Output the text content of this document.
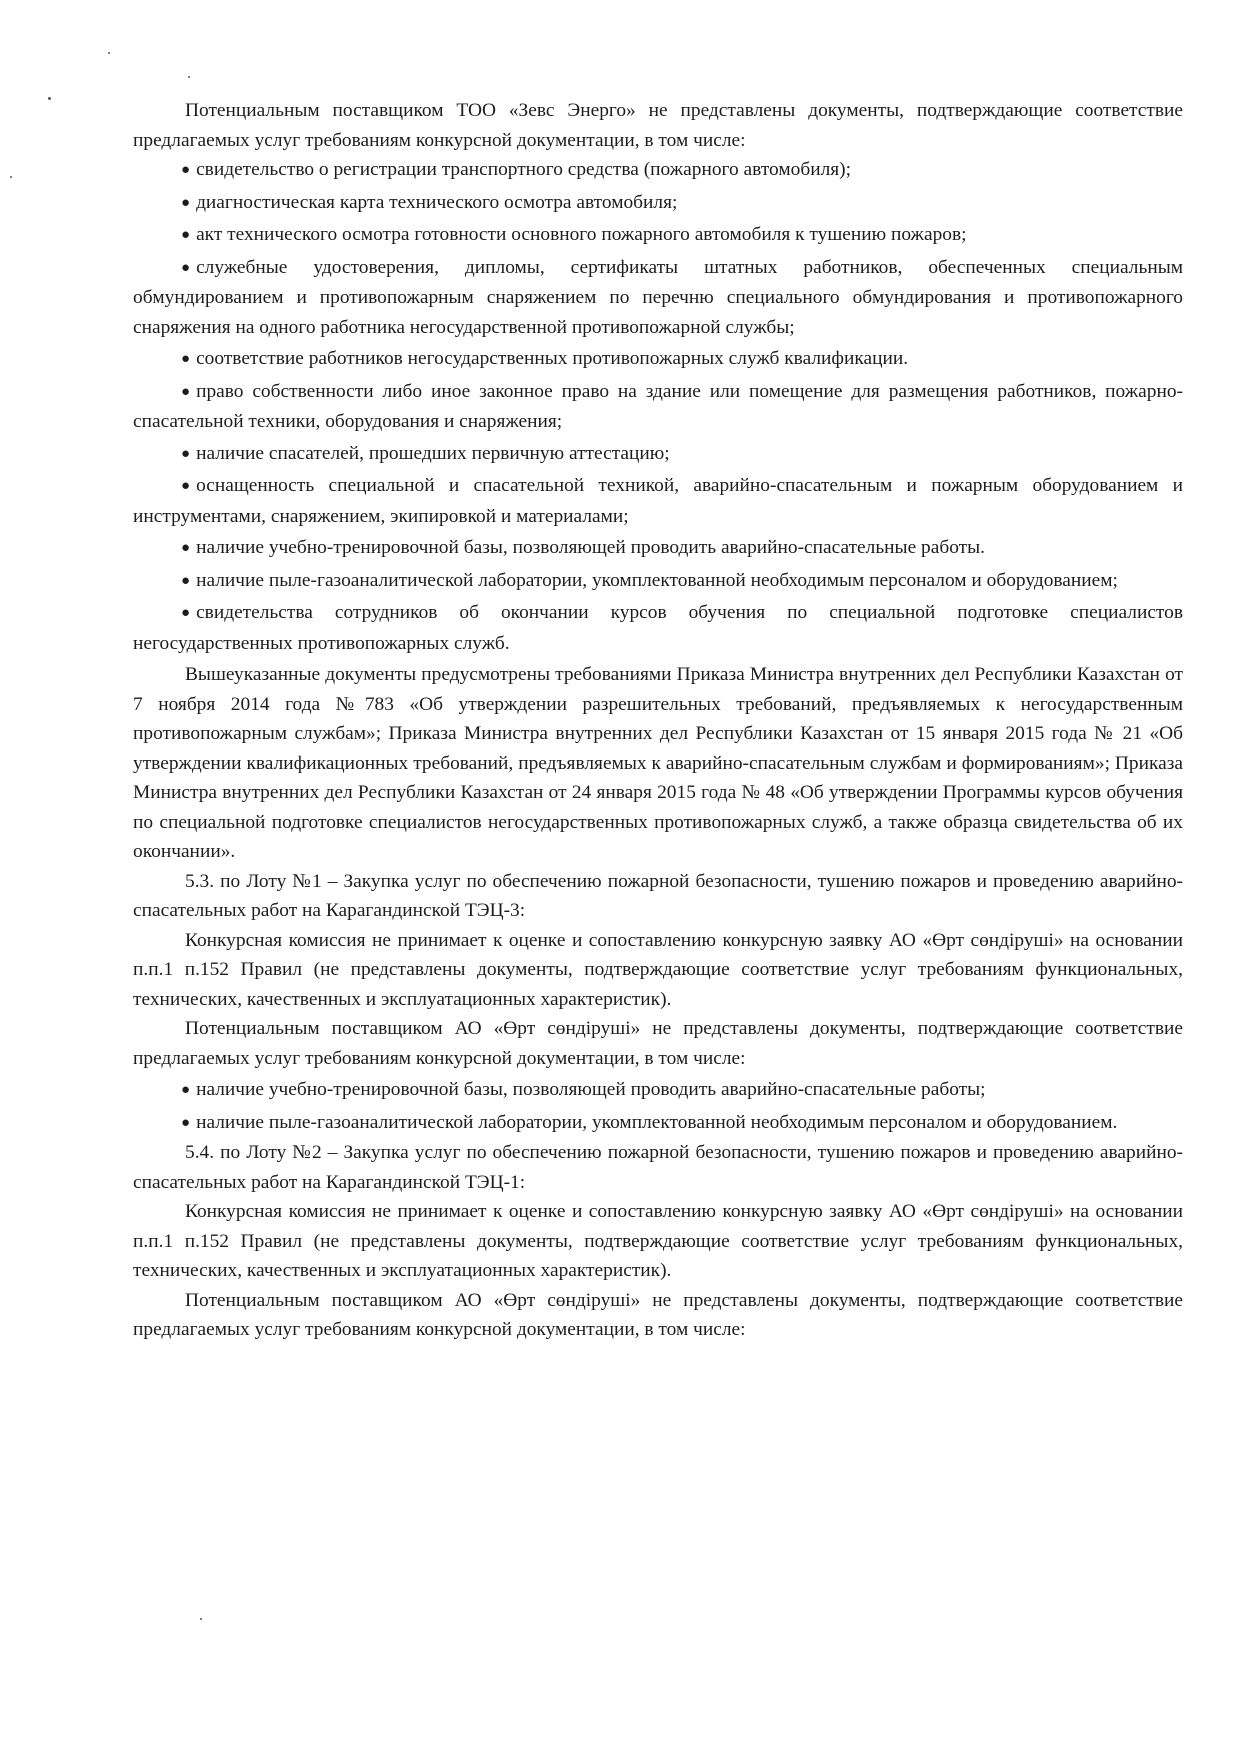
Потенциальным поставщиком ТОО «Зевс Энерго» не представлены документы, подтверждающие соответствие предлагаемых услуг требованиям конкурсной документации, в том числе:

● свидетельство о регистрации транспортного средства (пожарного автомобиля);

● диагностическая карта технического осмотра автомобиля;

● акт технического осмотра готовности основного пожарного автомобиля к тушению пожаров;

● служебные удостоверения, дипломы, сертификаты штатных работников, обеспеченных специальным обмундированием и противопожарным снаряжением по перечню специального обмундирования и противопожарного снаряжения на одного работника негосударственной противопожарной службы;

● соответствие работников негосударственных противопожарных служб квалификации.

● право собственности либо иное законное право на здание или помещение для размещения работников, пожарно-спасательной техники, оборудования и снаряжения;

● наличие спасателей, прошедших первичную аттестацию;

● оснащенность специальной и спасательной техникой, аварийно-спасательным и пожарным оборудованием и инструментами, снаряжением, экипировкой и материалами;

● наличие учебно-тренировочной базы, позволяющей проводить аварийно-спасательные работы.

● наличие пыле-газоаналитической лаборатории, укомплектованной необходимым персоналом и оборудованием;

● свидетельства сотрудников об окончании курсов обучения по специальной подготовке специалистов негосударственных противопожарных служб.

Вышеуказанные документы предусмотрены требованиями Приказа Министра внутренних дел Республики Казахстан от 7 ноября 2014 года №783 «Об утверждении разрешительных требований, предъявляемых к негосударственным противопожарным службам»; Приказа Министра внутренних дел Республики Казахстан от 15 января 2015 года № 21 «Об утверждении квалификационных требований, предъявляемых к аварийно-спасательным службам и формированиям»; Приказа Министра внутренних дел Республики Казахстан от 24 января 2015 года № 48 «Об утверждении Программы курсов обучения по специальной подготовке специалистов негосударственных противопожарных служб, а также образца свидетельства об их окончании».

5.3. по Лоту №1 – Закупка услуг по обеспечению пожарной безопасности, тушению пожаров и проведению аварийно-спасательных работ на Карагандинской ТЭЦ-3:

Конкурсная комиссия не принимает к оценке и сопоставлению конкурсную заявку АО «Өрт сөндіруші» на основании п.п.1 п.152 Правил (не представлены документы, подтверждающие соответствие услуг требованиям функциональных, технических, качественных и эксплуатационных характеристик).

Потенциальным поставщиком АО «Өрт сөндіруші» не представлены документы, подтверждающие соответствие предлагаемых услуг требованиям конкурсной документации, в том числе:

● наличие учебно-тренировочной базы, позволяющей проводить аварийно-спасательные работы;

● наличие пыле-газоаналитической лаборатории, укомплектованной необходимым персоналом и оборудованием.

5.4. по Лоту №2 – Закупка услуг по обеспечению пожарной безопасности, тушению пожаров и проведению аварийно-спасательных работ на Карагандинской ТЭЦ-1:

Конкурсная комиссия не принимает к оценке и сопоставлению конкурсную заявку АО «Өрт сөндіруші» на основании п.п.1 п.152 Правил (не представлены документы, подтверждающие соответствие услуг требованиям функциональных, технических, качественных и эксплуатационных характеристик).

Потенциальным поставщиком АО «Өрт сөндіруші» не представлены документы, подтверждающие соответствие предлагаемых услуг требованиям конкурсной документации, в том числе:
